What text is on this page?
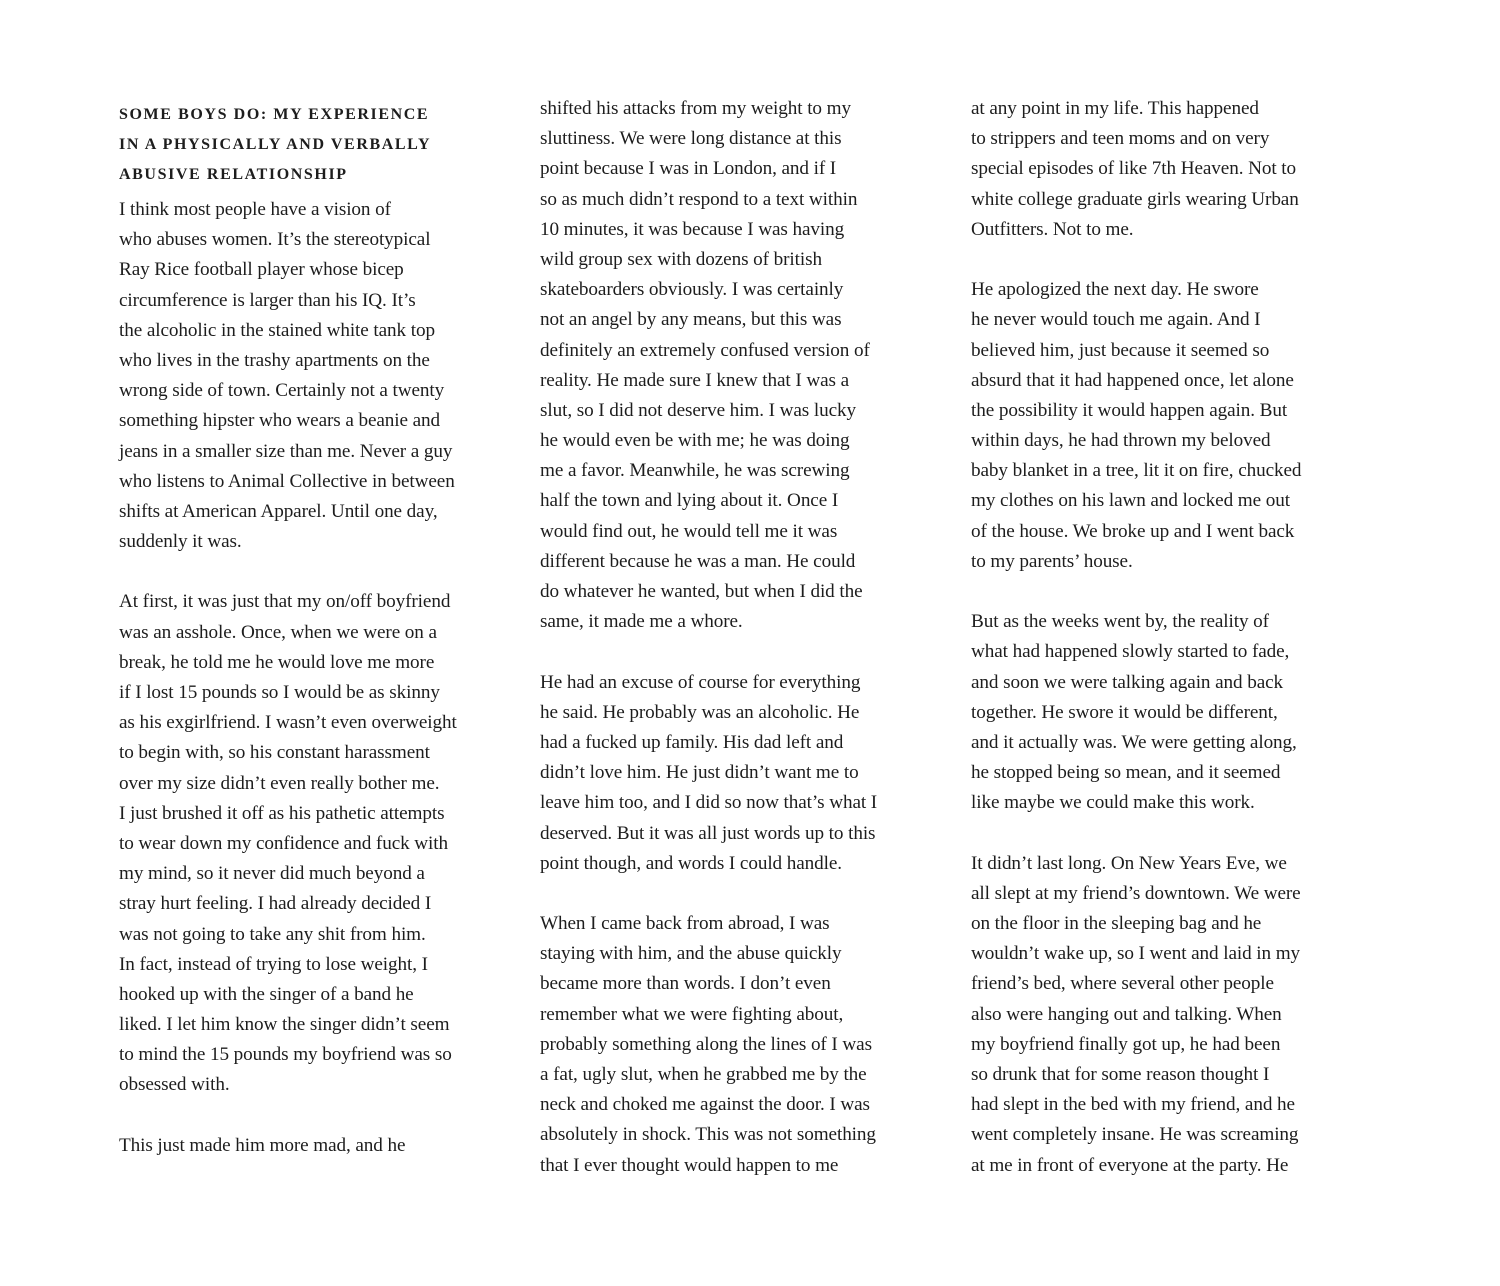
SOME BOYS DO: MY EXPERIENCE
IN A PHYSICALLY AND VERBALLY
ABUSIVE RELATIONSHIP

I think most people have a vision of
who abuses women. It’s the stereotypical
Ray Rice football player whose bicep
circumference is larger than his IQ. It’s
the alcoholic in the stained white tank top
who lives in the trashy apartments on the
wrong side of town. Certainly not a twenty
something hipster who wears a beanie and
jeans in a smaller size than me. Never a guy
who listens to Animal Collective in between
shifts at American Apparel. Until one day,
suddenly it was.

At first, it was just that my on/off boyfriend
was an asshole. Once, when we were on a
break, he told me he would love me more
if I lost 15 pounds so I would be as skinny
as his exgirlfriend. I wasn’t even overweight
to begin with, so his constant harassment
over my size didn’t even really bother me.
I just brushed it off as his pathetic attempts
to wear down my confidence and fuck with
my mind, so it never did much beyond a
stray hurt feeling. I had already decided I
was not going to take any shit from him.
In fact, instead of trying to lose weight, I
hooked up with the singer of a band he
liked. I let him know the singer didn’t seem
to mind the 15 pounds my boyfriend was so
obsessed with.

This just made him more mad, and he

shifted his attacks from my weight to my
sluttiness. We were long distance at this
point because I was in London, and if I
so as much didn’t respond to a text within
10 minutes, it was because I was having
wild group sex with dozens of british
skateboarders obviously. I was certainly
not an angel by any means, but this was
definitely an extremely confused version of
reality. He made sure I knew that I was a
slut, so I did not deserve him. I was lucky
he would even be with me; he was doing
me a favor. Meanwhile, he was screwing
half the town and lying about it. Once I
would find out, he would tell me it was
different because he was a man. He could
do whatever he wanted, but when I did the
same, it made me a whore.

He had an excuse of course for everything
he said. He probably was an alcoholic. He
had a fucked up family. His dad left and
didn’t love him. He just didn’t want me to
leave him too, and I did so now that’s what I
deserved. But it was all just words up to this
point though, and words I could handle.

When I came back from abroad, I was
staying with him, and the abuse quickly
became more than words. I don’t even
remember what we were fighting about,
probably something along the lines of I was
a fat, ugly slut, when he grabbed me by the
neck and choked me against the door. I was
absolutely in shock. This was not something
that I ever thought would happen to me

at any point in my life. This happened
to strippers and teen moms and on very
special episodes of like 7th Heaven. Not to
white college graduate girls wearing Urban
Outfitters. Not to me.

He apologized the next day. He swore
he never would touch me again. And I
believed him, just because it seemed so
absurd that it had happened once, let alone
the possibility it would happen again. But
within days, he had thrown my beloved
baby blanket in a tree, lit it on fire, chucked
my clothes on his lawn and locked me out
of the house. We broke up and I went back
to my parents’ house.

But as the weeks went by, the reality of
what had happened slowly started to fade,
and soon we were talking again and back
together. He swore it would be different,
and it actually was. We were getting along,
he stopped being so mean, and it seemed
like maybe we could make this work.

It didn’t last long. On New Years Eve, we
all slept at my friend’s downtown. We were
on the floor in the sleeping bag and he
wouldn’t wake up, so I went and laid in my
friend’s bed, where several other people
also were hanging out and talking. When
my boyfriend finally got up, he had been
so drunk that for some reason thought I
had slept in the bed with my friend, and he
went completely insane. He was screaming
at me in front of everyone at the party. He
